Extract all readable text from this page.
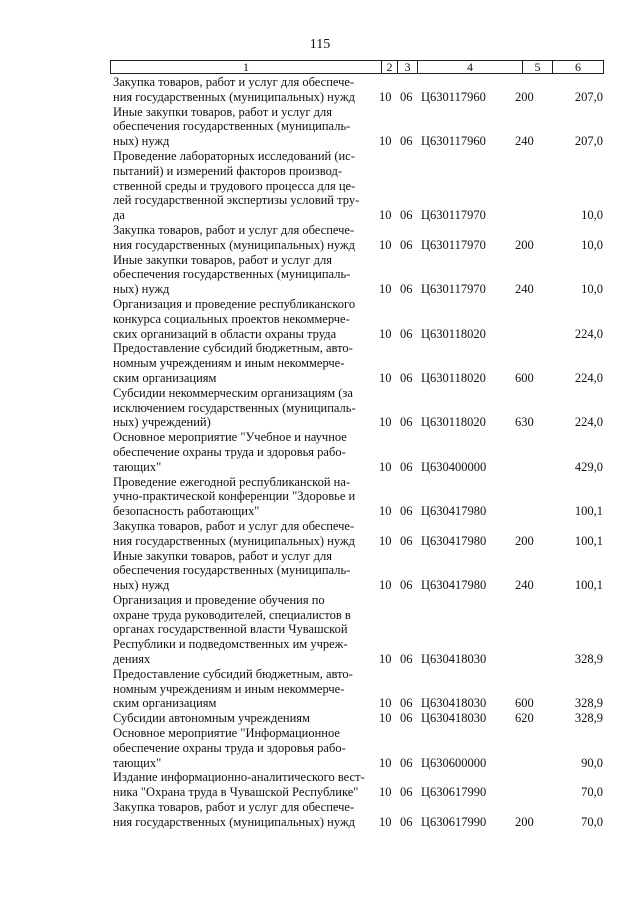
115
1	2	3	4	5	6
Закупка товаров, работ и услуг для обеспече-
ния государственных (муниципальных) нужд	10 06 Ц630117960 200	207,0
Иные закупки товаров, работ и услуг для
обеспечения государственных (муниципаль-
ных) нужд	10 06 Ц630117960 240	207,0
Проведение лабораторных исследований (ис-
пытаний) и измерений факторов производ-
ственной среды и трудового процесса для це-
лей государственной экспертизы условий тру-
да	10 06 Ц630117970	10,0
Закупка товаров, работ и услуг для обеспече-
ния государственных (муниципальных) нужд	10 06 Ц630117970 200	10,0
Иные закупки товаров, работ и услуг для
обеспечения государственных (муниципаль-
ных) нужд	10 06 Ц630117970 240	10,0
Организация и проведение республиканского
конкурса социальных проектов некоммерче-
ских организаций в области охраны труда	10 06 Ц630118020	224,0
Предоставление субсидий бюджетным, авто-
номным учреждениям и иным некоммерче-
ским организациям	10 06 Ц630118020 600	224,0
Субсидии некоммерческим организациям (за
исключением государственных (муниципаль-
ных) учреждений)	10 06 Ц630118020 630	224,0
Основное мероприятие "Учебное и научное
обеспечение охраны труда и здоровья рабо-
тающих"	10 06 Ц630400000	429,0
Проведение ежегодной республиканской на-
учно-практической конференции "Здоровье и
безопасность работающих"	10 06 Ц630417980	100,1
Закупка товаров, работ и услуг для обеспече-
ния государственных (муниципальных) нужд	10 06 Ц630417980 200	100,1
Иные закупки товаров, работ и услуг для
обеспечения государственных (муниципаль-
ных) нужд	10 06 Ц630417980 240	100,1
Организация и проведение обучения по
охране труда руководителей, специалистов в
органах государственной власти Чувашской
Республики и подведомственных им учреж-
дениях	10 06 Ц630418030	328,9
Предоставление субсидий бюджетным, авто-
номным учреждениям и иным некоммерче-
ским организациям	10 06 Ц630418030 600	328,9
Субсидии автономным учреждениям	10 06 Ц630418030 620	328,9
Основное мероприятие "Информационное
обеспечение охраны труда и здоровья рабо-
тающих"	10 06 Ц630600000	90,0
Издание информационно-аналитического вест-
ника "Охрана труда в Чувашской Республике"	10 06 Ц630617990	70,0
Закупка товаров, работ и услуг для обеспече-
ния государственных (муниципальных) нужд	10 06 Ц630617990 200	70,0
